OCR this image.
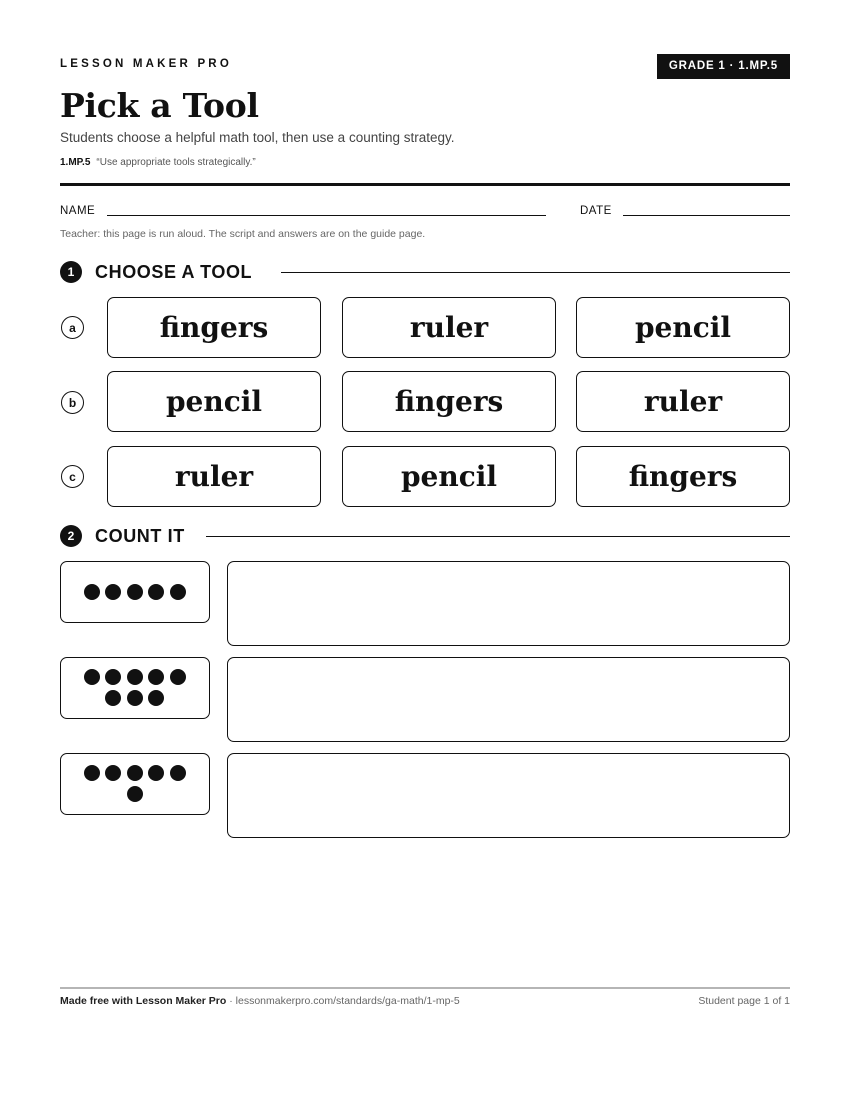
LESSON MAKER PRO	GRADE 1 · 1.MP.5
Pick a Tool
Students choose a helpful math tool, then use a counting strategy.
1.MP.5 “Use appropriate tools strategically.”
NAME	DATE
Teacher: this page is run aloud. The script and answers are on the guide page.
1	CHOOSE A TOOL
a	fingers	ruler	pencil
b	pencil	fingers	ruler
c	ruler	pencil	fingers
2	COUNT IT
Made free with Lesson Maker Pro · lessonmakerpro.com/standards/ga-math/1-mp-5	Student page 1 of 1
